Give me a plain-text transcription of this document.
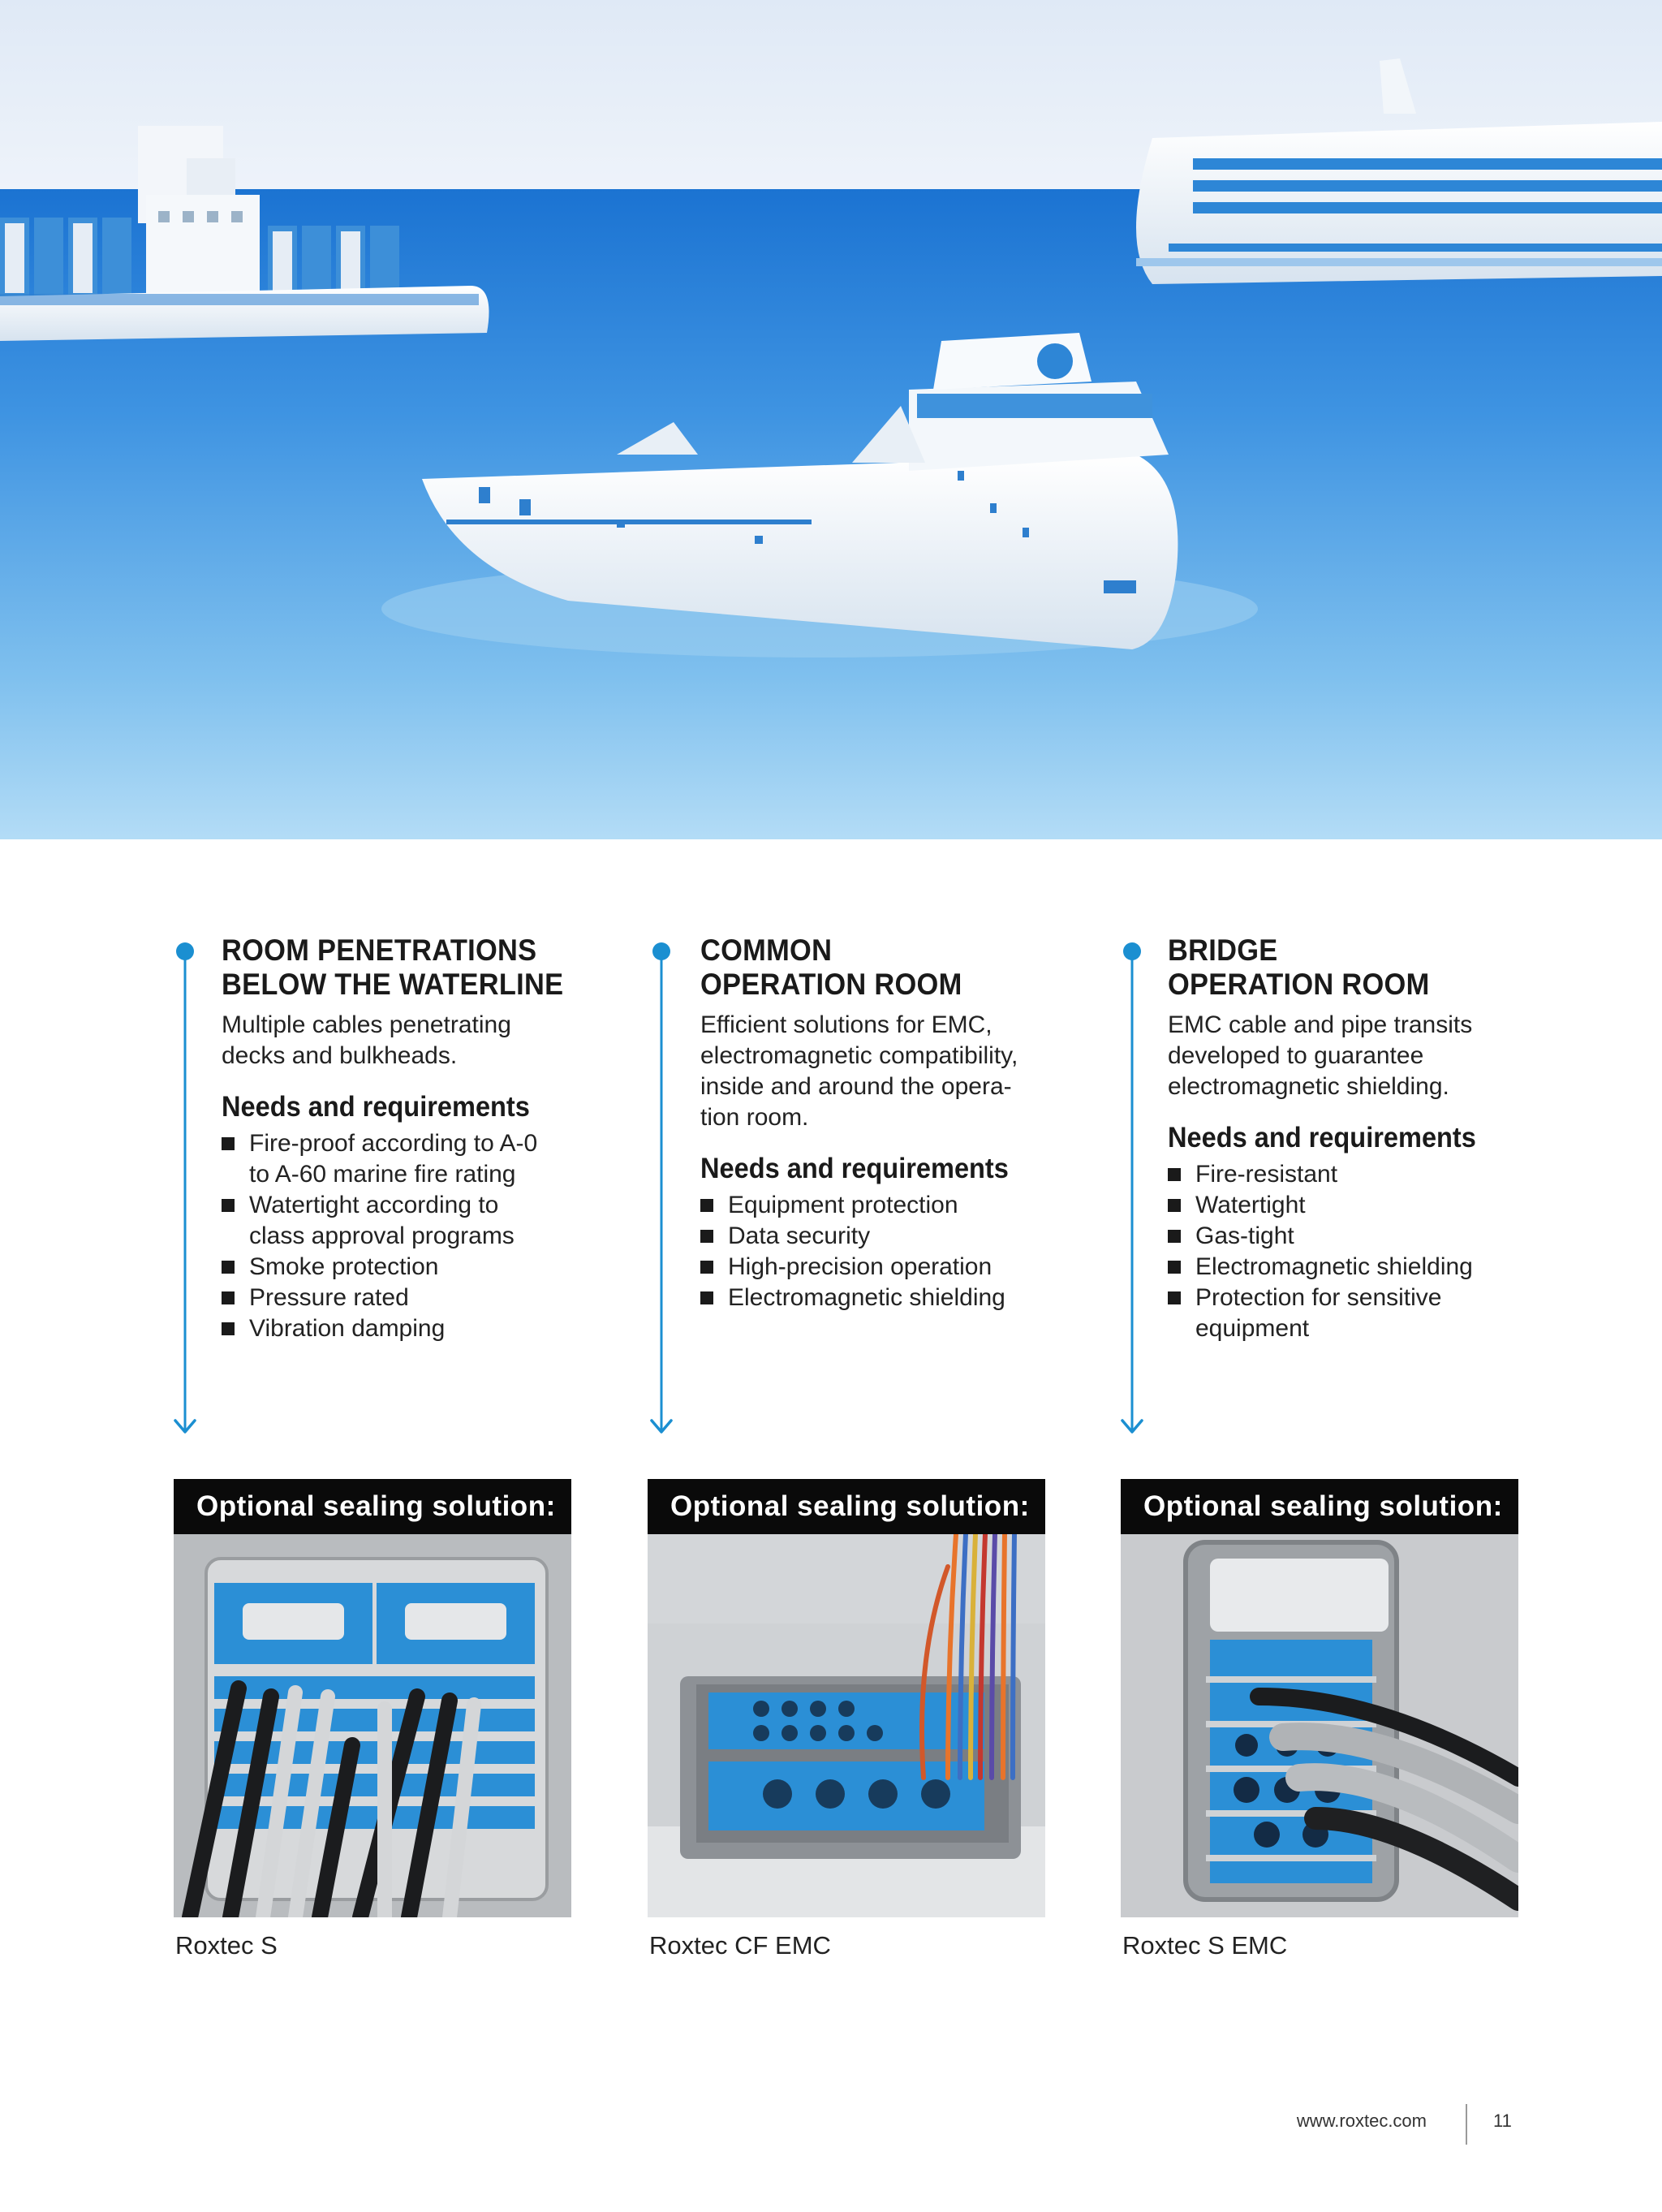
ROOM PENETRATIONS
BELOW THE WATERLINE
Multiple cables penetrating
decks and bulkheads.
Needs and requirements
Fire-proof according to A-0
to A-60 marine fire rating
Watertight according to
class approval programs
Smoke protection
Pressure rated
Vibration damping
COMMON
OPERATION ROOM
Efficient solutions for EMC,
electromagnetic compatibility,
inside and around the opera-
tion room.
Needs and requirements
Equipment protection
Data security
High-precision operation
Electromagnetic shielding
BRIDGE
OPERATION ROOM
EMC cable and pipe transits
developed to guarantee
electromagnetic shielding.
Needs and requirements
Fire-resistant
Watertight
Gas-tight
Electromagnetic shielding
Protection for sensitive
equipment
Optional sealing solution:
Roxtec S
Optional sealing solution:
Roxtec CF EMC
Optional sealing solution:
Roxtec S EMC
www.roxtec.com	11
